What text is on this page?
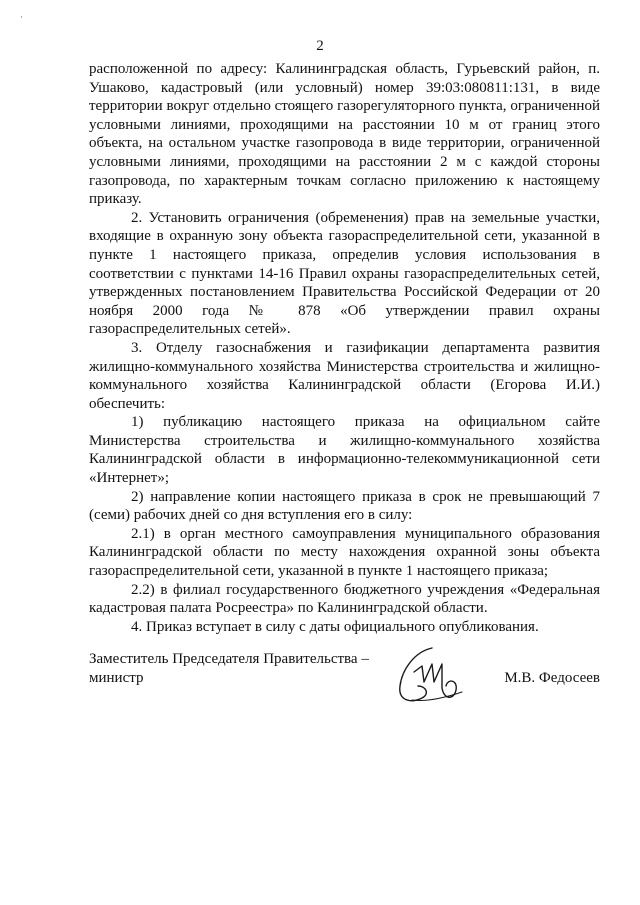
·
2

расположенной по адресу: Калининградская область, Гурьевский район, п. Ушаково, кадастровый (или условный) номер 39:03:080811:131, в виде территории вокруг отдельно стоящего газорегуляторного пункта, ограниченной условными линиями, проходящими на расстоянии 10 м от границ этого объекта, на остальном участке газопровода в виде территории, ограниченной условными линиями, проходящими на расстоянии 2 м с каждой стороны газопровода, по характерным точкам согласно приложению к настоящему приказу.

2. Установить ограничения (обременения) прав на земельные участки, входящие в охранную зону объекта газораспределительной сети, указанной в пункте 1 настоящего приказа, определив условия использования в соответствии с пунктами 14-16 Правил охраны газораспределительных сетей, утвержденных постановлением Правительства Российской Федерации от 20 ноября 2000 года № 878 «Об утверждении правил охраны газораспределительных сетей».

3. Отделу газоснабжения и газификации департамента развития жилищно-коммунального хозяйства Министерства строительства и жилищно-коммунального хозяйства Калининградской области (Егорова И.И.) обеспечить:

1) публикацию настоящего приказа на официальном сайте Министерства строительства и жилищно-коммунального хозяйства Калининградской области в информационно-телекоммуникационной сети «Интернет»;

2) направление копии настоящего приказа в срок не превышающий 7 (семи) рабочих дней со дня вступления его в силу:

2.1) в орган местного самоуправления муниципального образования Калининградской области по месту нахождения охранной зоны объекта газораспределительной сети, указанной в пункте 1 настоящего приказа;

2.2) в филиал государственного бюджетного учреждения «Федеральная кадастровая палата Росреестра» по Калининградской области.

4. Приказ вступает в силу с даты официального опубликования.

Заместитель Председателя Правительства –
министр	М.В. Федосеев
